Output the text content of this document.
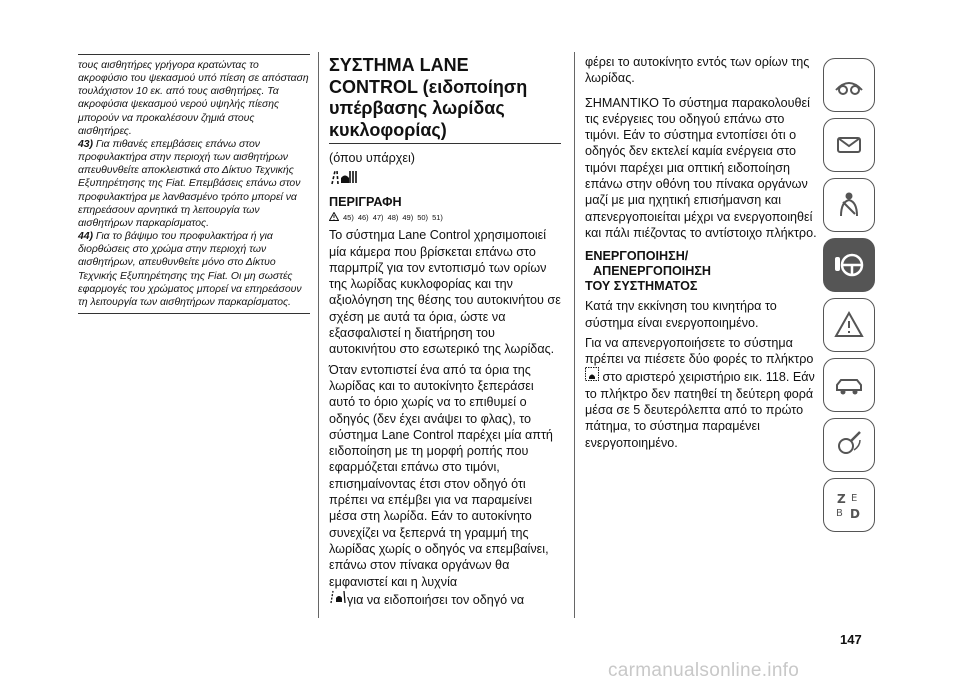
τους αισθητήρες γρήγορα κρατώντας το ακροφύσιο του ψεκασμού υπό πίεση σε απόσταση τουλάχιστον 10 εκ. από τους αισθητήρες. Τα ακροφύσια ψεκασμού νερού υψηλής πίεσης μπορούν να προκαλέσουν ζημιά στους αισθητήρες.

43) Για πιθανές επεμβάσεις επάνω στον προφυλακτήρα στην περιοχή των αισθητήρων απευθυνθείτε αποκλειστικά στο Δίκτυο Τεχνικής Εξυπηρέτησης της Fiat. Επεμβάσεις επάνω στον προφυλακτήρα με λανθασμένο τρόπο μπορεί να επηρεάσουν αρνητικά τη λειτουργία των αισθητήρων παρκαρίσματος.

44) Για το βάψιμο του προφυλακτήρα ή για διορθώσεις στο χρώμα στην περιοχή των αισθητήρων, απευθυνθείτε μόνο στο Δίκτυο Τεχνικής Εξυπηρέτησης της Fiat. Οι μη σωστές εφαρμογές του χρώματος μπορεί να επηρεάσουν τη λειτουργία των αισθητήρων παρκαρίσματος.

ΣΥΣΤΗΜΑ LANE CONTROL (ειδοποίηση υπέρβασης λωρίδας κυκλοφορίας)

(όπου υπάρχει)

ΠΕΡΙΓΡΑΦΗ

45) 46) 47) 48) 49) 50) 51)

Το σύστημα Lane Control χρησιμοποιεί μία κάμερα που βρίσκεται επάνω στο παρμπρίζ για τον εντοπισμό των ορίων της λωρίδας κυκλοφορίας και την αξιολόγηση της θέσης του αυτοκινήτου σε σχέση με αυτά τα όρια, ώστε να εξασφαλιστεί η διατήρηση του αυτοκινήτου στο εσωτερικό της λωρίδας.

Όταν εντοπιστεί ένα από τα όρια της λωρίδας και το αυτοκίνητο ξεπεράσει αυτό το όριο χωρίς να το επιθυμεί ο οδηγός (δεν έχει ανάψει το φλας), το σύστημα Lane Control παρέχει μία απτή ειδοποίηση με τη μορφή ροπής που εφαρμόζεται επάνω στο τιμόνι, επισημαίνοντας έτσι στον οδηγό ότι πρέπει να επέμβει για να παραμείνει μέσα στη λωρίδα. Εάν το αυτοκίνητο συνεχίζει να ξεπερνά τη γραμμή της λωρίδας χωρίς ο οδηγός να επεμβαίνει, επάνω στον πίνακα οργάνων θα εμφανιστεί και η λυχνία

για να ειδοποιήσει τον οδηγό να

φέρει το αυτοκίνητο εντός των ορίων της λωρίδας.

ΣΗΜΑΝΤΙΚΟ Το σύστημα παρακολουθεί τις ενέργειες του οδηγού επάνω στο τιμόνι. Εάν το σύστημα εντοπίσει ότι ο οδηγός δεν εκτελεί καμία ενέργεια στο τιμόνι παρέχει μια οπτική ειδοποίηση επάνω στην οθόνη του πίνακα οργάνων μαζί με μια ηχητική επισήμανση και απενεργοποιείται μέχρι να ενεργοποιηθεί και πάλι πιέζοντας το αντίστοιχο πλήκτρο.

ΕΝΕΡΓΟΠΟΙΗΣΗ/

ΑΠΕΝΕΡΓΟΠΟΙΗΣΗ

ΤΟΥ ΣΥΣΤΗΜΑΤΟΣ

Κατά την εκκίνηση του κινητήρα το σύστημα είναι ενεργοποιημένο.

Για να απενεργοποιήσετε το σύστημα πρέπει να πιέσετε δύο φορές το πλήκτρο  στο αριστερό χειριστήριο εικ. 118. Εάν το πλήκτρο δεν πατηθεί τη δεύτερη φορά μέσα σε 5 δευτερόλεπτα από το πρώτο πάτημα, το σύστημα παραμένει ενεργοποιημένο.

Z E
B D
147
carmanualsonline.info
